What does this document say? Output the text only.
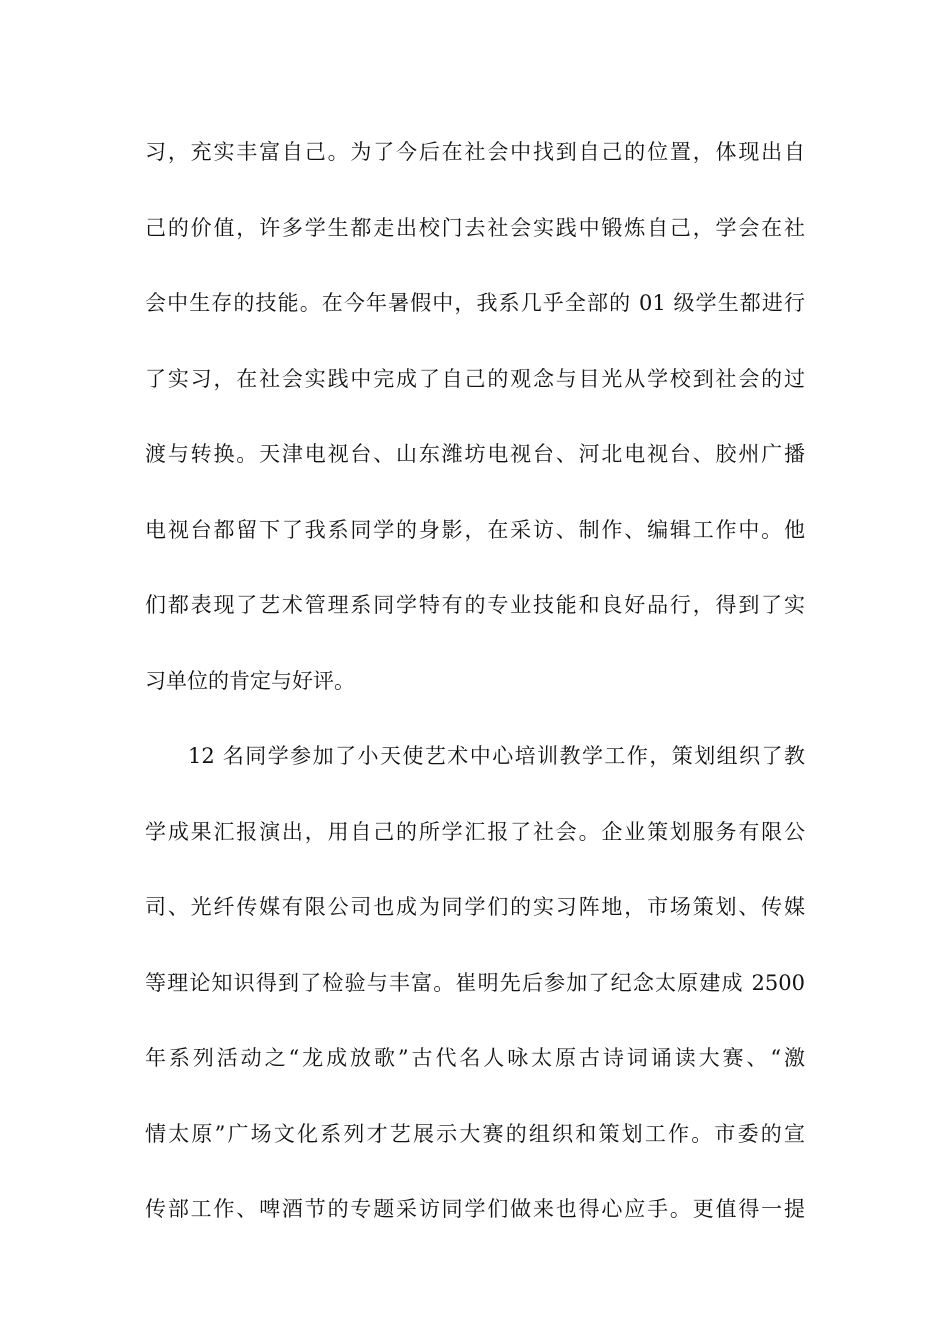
习，充实丰富自己。为了今后在社会中找到自己的位置，体现出自
己的价值，许多学生都走出校门去社会实践中锻炼自己，学会在社
会中生存的技能。在今年暑假中，我系几乎全部的 01 级学生都进行
了实习，在社会实践中完成了自己的观念与目光从学校到社会的过
渡与转换。天津电视台、山东潍坊电视台、河北电视台、胶州广播
电视台都留下了我系同学的身影，在采访、制作、编辑工作中。他
们都表现了艺术管理系同学特有的专业技能和良好品行，得到了实
习单位的肯定与好评。
12 名同学参加了小天使艺术中心培训教学工作，策划组织了教
学成果汇报演出，用自己的所学汇报了社会。企业策划服务有限公
司、光纤传媒有限公司也成为同学们的实习阵地，市场策划、传媒
等理论知识得到了检验与丰富。崔明先后参加了纪念太原建成 2500
年系列活动之“龙成放歌”古代名人咏太原古诗词诵读大赛、“激
情太原”广场文化系列才艺展示大赛的组织和策划工作。市委的宣
传部工作、啤酒节的专题采访同学们做来也得心应手。更值得一提
